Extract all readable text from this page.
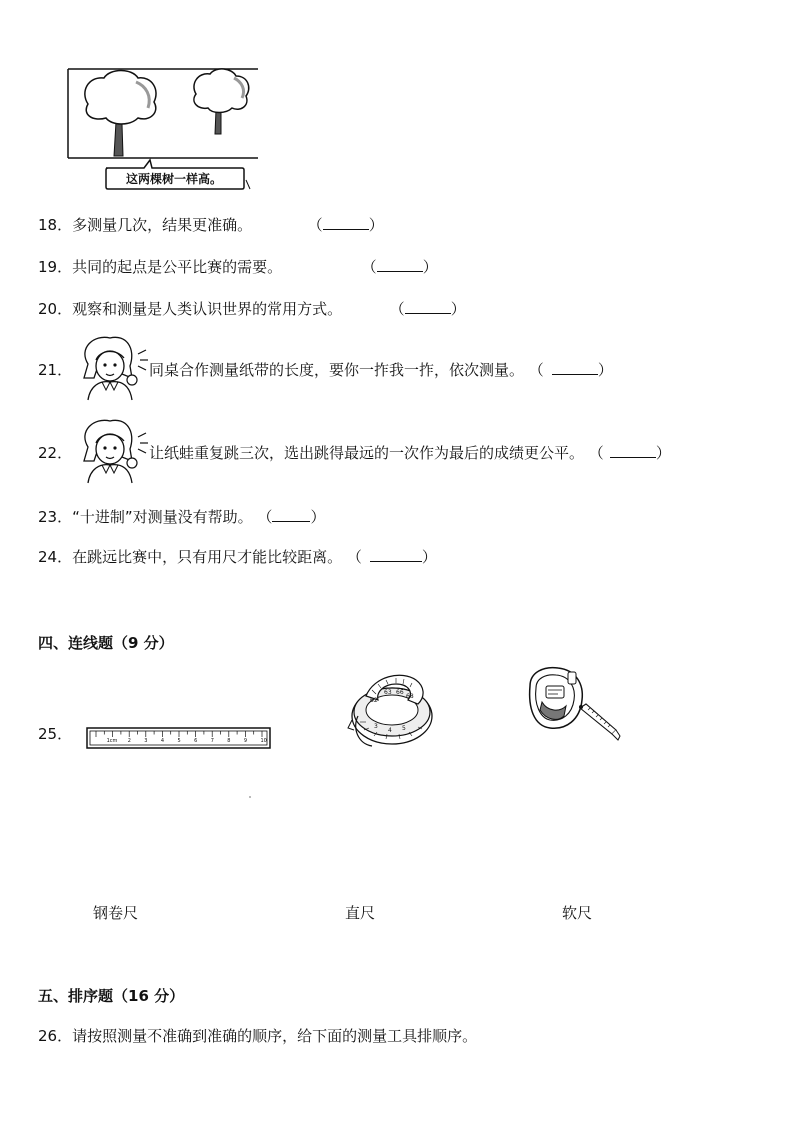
这两棵树一样高。
18．多测量几次，结果更准确。	（	）
19．共同的起点是公平比赛的需要。	（	）
20．观察和测量是人类认识世界的常用方式。	（	）
21．	同桌合作测量纸带的长度，要你一拃我一拃，依次测量。 （	）
22．	让纸蛙重复跳三次，选出跳得最远的一次作为最后的成绩更公平。 （	）
23．“十进制”对测量没有帮助。 （	）
24．在跳远比赛中，只有用尺才能比较距离。 （	）
四、连线题（9 分）
25．	1cm 2	3	4	5	6	7	8	9	10
62
63 66
68
3
4 5
钢卷尺	直尺	软尺
五、排序题（16 分）
26．请按照测量不准确到准确的顺序，给下面的测量工具排顺序。
